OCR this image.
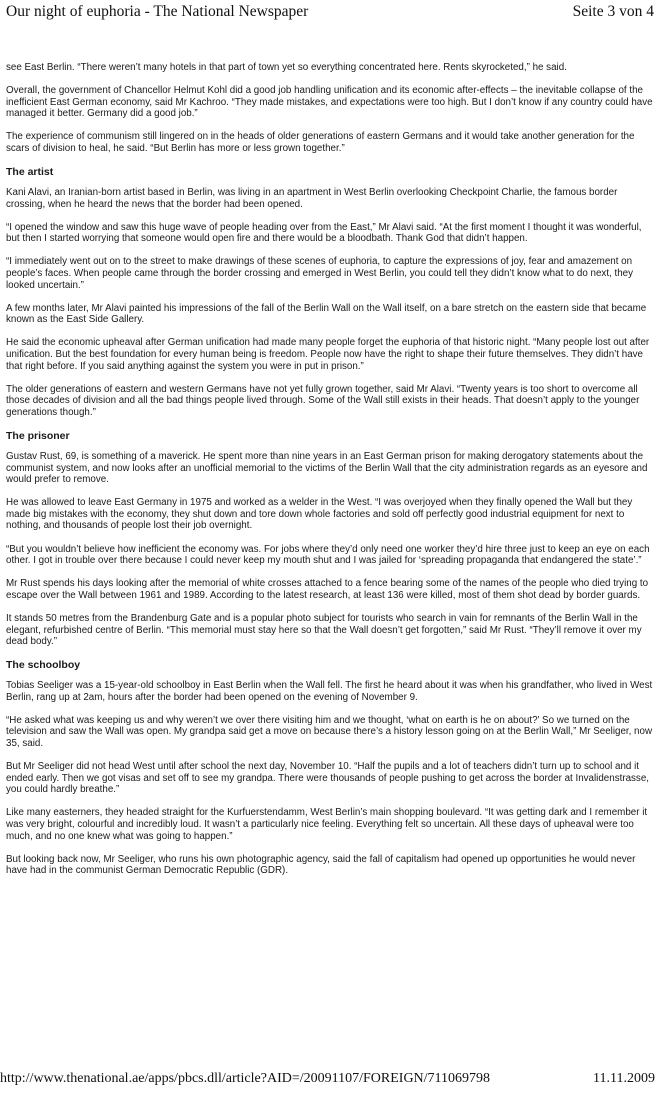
Our night of euphoria - The National Newspaper	Seite 3 von 4

see East Berlin. “There weren’t many hotels in that part of town yet so everything concentrated here. Rents skyrocketed,” he said.

Overall, the government of Chancellor Helmut Kohl did a good job handling unification and its economic after-effects – the inevitable collapse of the inefficient East German economy, said Mr Kachroo. “They made mistakes, and expectations were too high. But I don’t know if any country could have managed it better. Germany did a good job.”

The experience of communism still lingered on in the heads of older generations of eastern Germans and it would take another generation for the scars of division to heal, he said. “But Berlin has more or less grown together.”

The artist

Kani Alavi, an Iranian-born artist based in Berlin, was living in an apartment in West Berlin overlooking Checkpoint Charlie, the famous border crossing, when he heard the news that the border had been opened.

“I opened the window and saw this huge wave of people heading over from the East,” Mr Alavi said. “At the first moment I thought it was wonderful, but then I started worrying that someone would open fire and there would be a bloodbath. Thank God that didn’t happen.

“I immediately went out on to the street to make drawings of these scenes of euphoria, to capture the expressions of joy, fear and amazement on people’s faces. When people came through the border crossing and emerged in West Berlin, you could tell they didn’t know what to do next, they looked uncertain.”

A few months later, Mr Alavi painted his impressions of the fall of the Berlin Wall on the Wall itself, on a bare stretch on the eastern side that became known as the East Side Gallery.

He said the economic upheaval after German unification had made many people forget the euphoria of that historic night. “Many people lost out after unification. But the best foundation for every human being is freedom. People now have the right to shape their future themselves. They didn’t have that right before. If you said anything against the system you were in put in prison.”

The older generations of eastern and western Germans have not yet fully grown together, said Mr Alavi. “Twenty years is too short to overcome all those decades of division and all the bad things people lived through. Some of the Wall still exists in their heads. That doesn’t apply to the younger generations though.”

The prisoner

Gustav Rust, 69, is something of a maverick. He spent more than nine years in an East German prison for making derogatory statements about the communist system, and now looks after an unofficial memorial to the victims of the Berlin Wall that the city administration regards as an eyesore and would prefer to remove.

He was allowed to leave East Germany in 1975 and worked as a welder in the West. “I was overjoyed when they finally opened the Wall but they made big mistakes with the economy, they shut down and tore down whole factories and sold off perfectly good industrial equipment for next to nothing, and thousands of people lost their job overnight.

“But you wouldn’t believe how inefficient the economy was. For jobs where they’d only need one worker they’d hire three just to keep an eye on each other. I got in trouble over there because I could never keep my mouth shut and I was jailed for ‘spreading propaganda that endangered the state’.”

Mr Rust spends his days looking after the memorial of white crosses attached to a fence bearing some of the names of the people who died trying to escape over the Wall between 1961 and 1989. According to the latest research, at least 136 were killed, most of them shot dead by border guards.

It stands 50 metres from the Brandenburg Gate and is a popular photo subject for tourists who search in vain for remnants of the Berlin Wall in the elegant, refurbished centre of Berlin. “This memorial must stay here so that the Wall doesn’t get forgotten,” said Mr Rust. “They’ll remove it over my dead body.”

The schoolboy

Tobias Seeliger was a 15-year-old schoolboy in East Berlin when the Wall fell. The first he heard about it was when his grandfather, who lived in West Berlin, rang up at 2am, hours after the border had been opened on the evening of November 9.

“He asked what was keeping us and why weren’t we over there visiting him and we thought, ‘what on earth is he on about?’ So we turned on the television and saw the Wall was open. My grandpa said get a move on because there’s a history lesson going on at the Berlin Wall,” Mr Seeliger, now 35, said.

But Mr Seeliger did not head West until after school the next day, November 10. “Half the pupils and a lot of teachers didn’t turn up to school and it ended early. Then we got visas and set off to see my grandpa. There were thousands of people pushing to get across the border at Invalidenstrasse, you could hardly breathe.”

Like many easterners, they headed straight for the Kurfuerstendamm, West Berlin’s main shopping boulevard. “It was getting dark and I remember it was very bright, colourful and incredibly loud. It wasn’t a particularly nice feeling. Everything felt so uncertain. All these days of upheaval were too much, and no one knew what was going to happen.”

But looking back now, Mr Seeliger, who runs his own photographic agency, said the fall of capitalism had opened up opportunities he would never have had in the communist German Democratic Republic (GDR).

http://www.thenational.ae/apps/pbcs.dll/article?AID=/20091107/FOREIGN/711069798	11.11.2009
